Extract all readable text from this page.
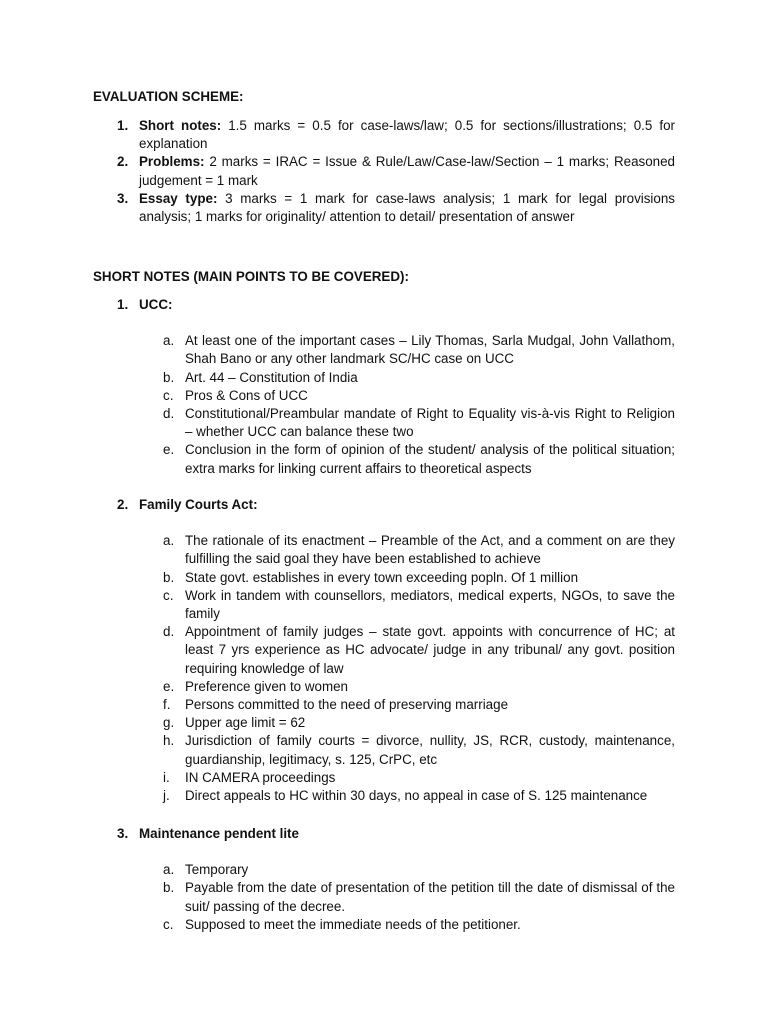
EVALUATION SCHEME:

1. Short notes: 1.5 marks = 0.5 for case-laws/law; 0.5 for sections/illustrations; 0.5 for explanation
2. Problems: 2 marks = IRAC = Issue & Rule/Law/Case-law/Section – 1 marks; Reasoned judgement = 1 mark
3. Essay type: 3 marks = 1 mark for case-laws analysis; 1 mark for legal provisions analysis; 1 marks for originality/ attention to detail/ presentation of answer

SHORT NOTES (MAIN POINTS TO BE COVERED):

1. UCC:
a. At least one of the important cases – Lily Thomas, Sarla Mudgal, John Vallathom, Shah Bano or any other landmark SC/HC case on UCC
b. Art. 44 – Constitution of India
c. Pros & Cons of UCC
d. Constitutional/Preambular mandate of Right to Equality vis-à-vis Right to Religion – whether UCC can balance these two
e. Conclusion in the form of opinion of the student/ analysis of the political situation; extra marks for linking current affairs to theoretical aspects
2. Family Courts Act:
a. The rationale of its enactment – Preamble of the Act, and a comment on are they fulfilling the said goal they have been established to achieve
b. State govt. establishes in every town exceeding popln. Of 1 million
c. Work in tandem with counsellors, mediators, medical experts, NGOs, to save the family
d. Appointment of family judges – state govt. appoints with concurrence of HC; at least 7 yrs experience as HC advocate/ judge in any tribunal/ any govt. position requiring knowledge of law
e. Preference given to women
f. Persons committed to the need of preserving marriage
g. Upper age limit = 62
h. Jurisdiction of family courts = divorce, nullity, JS, RCR, custody, maintenance, guardianship, legitimacy, s. 125, CrPC, etc
i. IN CAMERA proceedings
j. Direct appeals to HC within 30 days, no appeal in case of S. 125 maintenance
3. Maintenance pendent lite
a. Temporary
b. Payable from the date of presentation of the petition till the date of dismissal of the suit/ passing of the decree.
c. Supposed to meet the immediate needs of the petitioner.
